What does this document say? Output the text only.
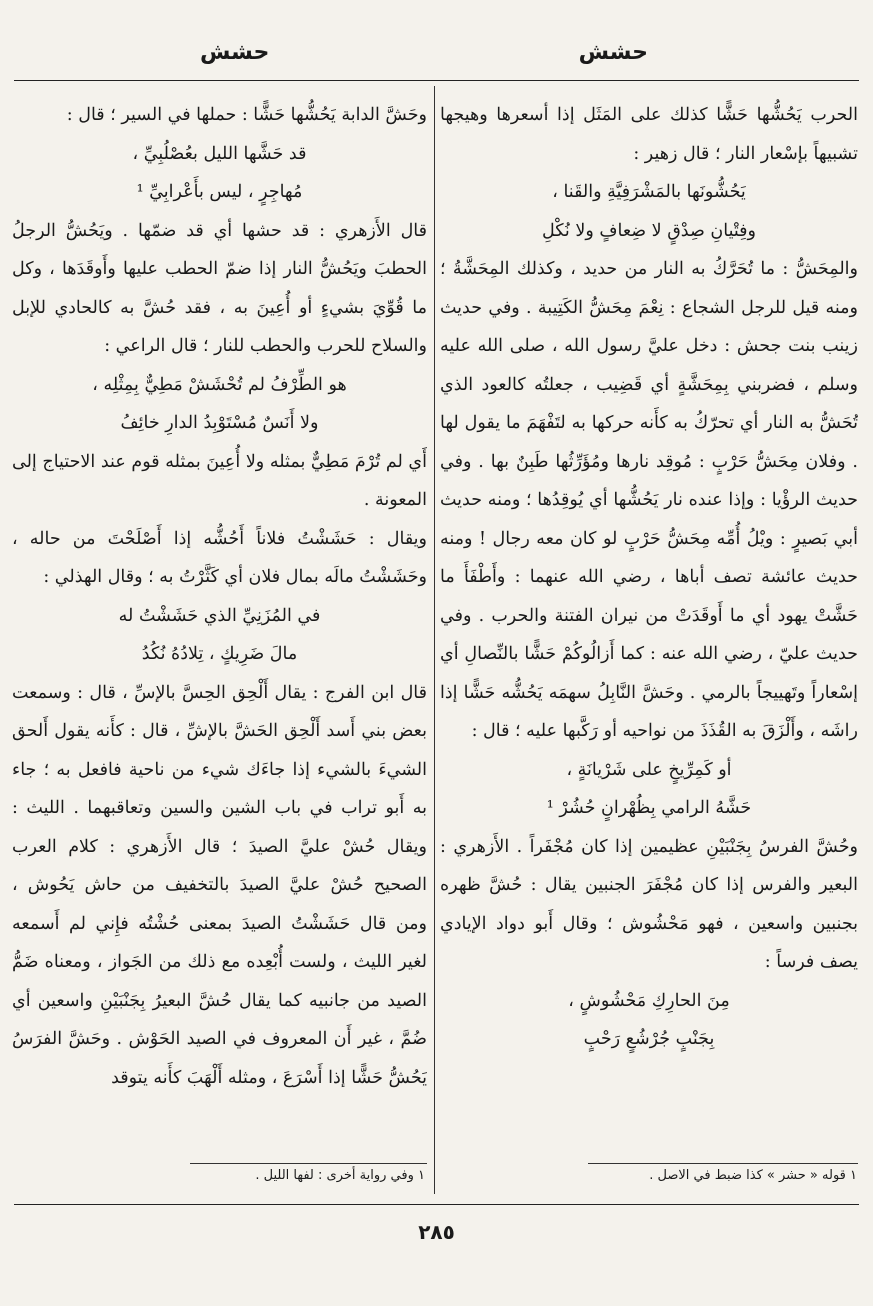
حشش
حشش

الحرب يَحُشُّها حَشًّا كذلك على المَثَل إذا أسعرها وهيجها تشبيهاً بإسْعار النار ؛ قال زهير :

يَحُشُّونَها بالمَشْرَفِيَّةِ والقَنا ،

وفِتْيانِ صِدْقٍ لا ضِعافٍ ولا نُكْلِ

والمِحَشُّ : ما تُحَرَّكُ به النار من حديد ، وكذلك المِحَشَّةُ ؛ ومنه قيل للرجل الشجاع : نِعْمَ مِحَشُّ الكَتِيبة . وفي حديث زينب بنت جحش : دخل عليَّ رسول الله ، صلى الله عليه وسلم ، فضربني بِمِحَشَّةٍ أي قَضِيب ، جعلتُه كالعود الذي تُحَشُّ به النار أي تحرّكُ به كأَنه حركها به لتَفْهَمَ ما يقول لها . وفلان مِحَشُّ حَرْبٍ : مُوقِد نارها ومُؤَرِّثُها طَبِنٌ بها . وفي حديث الرؤْيا : وإذا عنده نار يَحُشُّها أي يُوقِدُها ؛ ومنه حديث أبي بَصيرٍ : ويْلُ أُمِّه مِحَشُّ حَرْبٍ لو كان معه رجال ! ومنه حديث عائشة تصف أباها ، رضي الله عنهما : وأَطْفَأَ ما حَشَّتْ يهود أي ما أَوقَدَتْ من نيران الفتنة والحرب . وفي حديث عليّ ، رضي الله عنه : كما أَزالُوكُمْ حَشًّا بالنِّصالِ أي إسْعاراً وتَهييجاً بالرمي . وحَشَّ النَّابِلُ سهمَه يَحُشُّه حَشًّا إذا راشَه ، وأَلْزَقَ به القُذَذَ من نواحيه أو رَكَّبها عليه ؛ قال :

أو كَمِرِّيخٍ على شَرْيانَةٍ ،

حَشَّهُ الرامي بِظُهْرانٍ حُشُرْ ¹

وحُشَّ الفرسُ بِجَنْبَيْنِ عظيمين إذا كان مُجْفَراً . الأَزهري : البعير والفرس إذا كان مُجْفَرَ الجنبين يقال : حُشَّ ظهره بجنبين واسعين ، فهو مَحْشُوش ؛ وقال أَبو دواد الإيادي يصف فرساً :

مِنَ الحارِكِ مَحْشُوشٍ ،

بِجَنْبٍ جُرْشُعٍ رَحْبٍ

وحَشَّ الدابة يَحُشُّها حَشًّا : حملها في السير ؛ قال :

قد حَشَّها الليل بعُصْلُبِيِّ ،

مُهاجِرٍ ، ليس بأَعْرابِيِّ ¹

قال الأَزهري : قد حشها أي قد ضمّها . ويَحُشُّ الرجلُ الحطبَ ويَحُشُّ النار إذا ضمّ الحطب عليها وأَوقَدَها ، وكل ما قُوِّيَ بشيءٍ أو أُعِينَ به ، فقد حُشَّ به كالحادي للإبل والسلاح للحرب والحطب للنار ؛ قال الراعي :

هو الطِّرْفُ لم تُحْشَشْ مَطِيٌّ بِمِثْلِه ،

ولا أَنَسٌ مُسْتَوْبِدُ الدارِ خائِفُ

أَي لم تُرْمَ مَطِيٌّ بمثله ولا أُعِينَ بمثله قوم عند الاحتياج إلى المعونة .

ويقال : حَشَشْتُ فلاناً أَحُشُّه إذا أَصْلَحْتَ من حاله ، وحَشَشْتُ مالَه بمال فلان أي كَثَّرْتُ به ؛ وقال الهذلي :

في المُزَنِيِّ الذي حَشَشْتُ له

مالَ ضَرِيكٍ ، تِلادُهُ نُكُدُ

قال ابن الفرج : يقال أَلْحِق الحِسَّ بالإسِّ ، قال : وسمعت بعض بني أَسد أَلْحِق الحَشَّ بالإشِّ ، قال : كأَنه يقول أَلحق الشيءَ بالشيء إذا جاءَك شيء من ناحية فافعل به ؛ جاء به أَبو تراب في باب الشين والسين وتعاقبهما . الليث : ويقال حُشْ عليَّ الصيدَ ؛ قال الأَزهري : كلام العرب الصحيح حُشْ عليَّ الصيدَ بالتخفيف من حاش يَحُوش ، ومن قال حَشَشْتُ الصيدَ بمعنى حُشْتُه فإِني لم أَسمعه لغير الليث ، ولست أُبْعِده مع ذلك من الجَواز ، ومعناه ضَمُّ الصيد من جانبيه كما يقال حُشَّ البعيرُ بِجَنْبَيْنِ واسعين أي ضُمَّ ، غير أَن المعروف في الصيد الحَوْش . وحَشَّ الفرَسُ يَحُشُّ حَشًّا إذا أَسْرَعَ ، ومثله أَلْهَبَ كأَنه يتوقد

١ قوله « حشر » كذا ضبط في الاصل .
١ وفي رواية أخرى : لفها الليل .
٢٨٥
